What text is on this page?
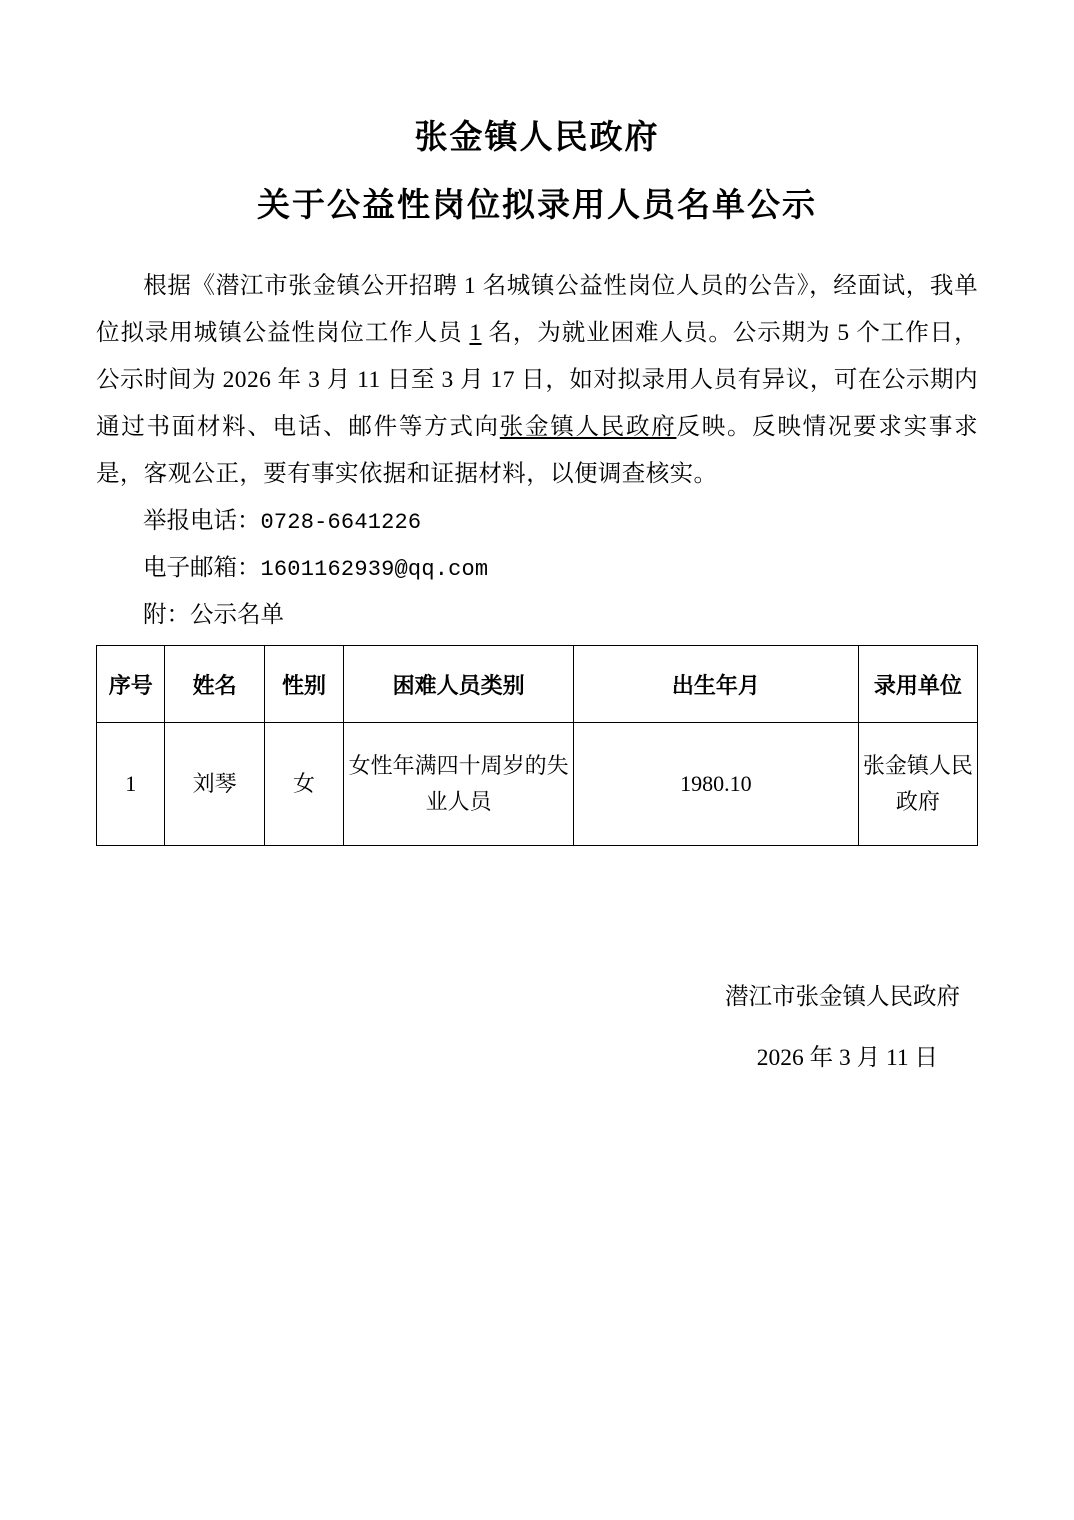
张金镇人民政府
关于公益性岗位拟录用人员名单公示

根据《潜江市张金镇公开招聘 1 名城镇公益性岗位人员的公告》，经面试，我单位拟录用城镇公益性岗位工作人员 1 名，为就业困难人员。公示期为 5 个工作日，公示时间为 2026 年 3 月 11 日至 3 月 17 日，如对拟录用人员有异议，可在公示期内通过书面材料、电话、邮件等方式向张金镇人民政府反映。反映情况要求实事求是，客观公正，要有事实依据和证据材料，以便调查核实。

举报电话：0728-6641226

电子邮箱：1601162939@qq.com

附：公示名单

序号	姓名	性别	困难人员类别	出生年月	录用单位
1	刘琴	女	女性年满四十周岁的失业人员	1980.10	张金镇人民政府

潜江市张金镇人民政府

2026 年 3 月 11 日
